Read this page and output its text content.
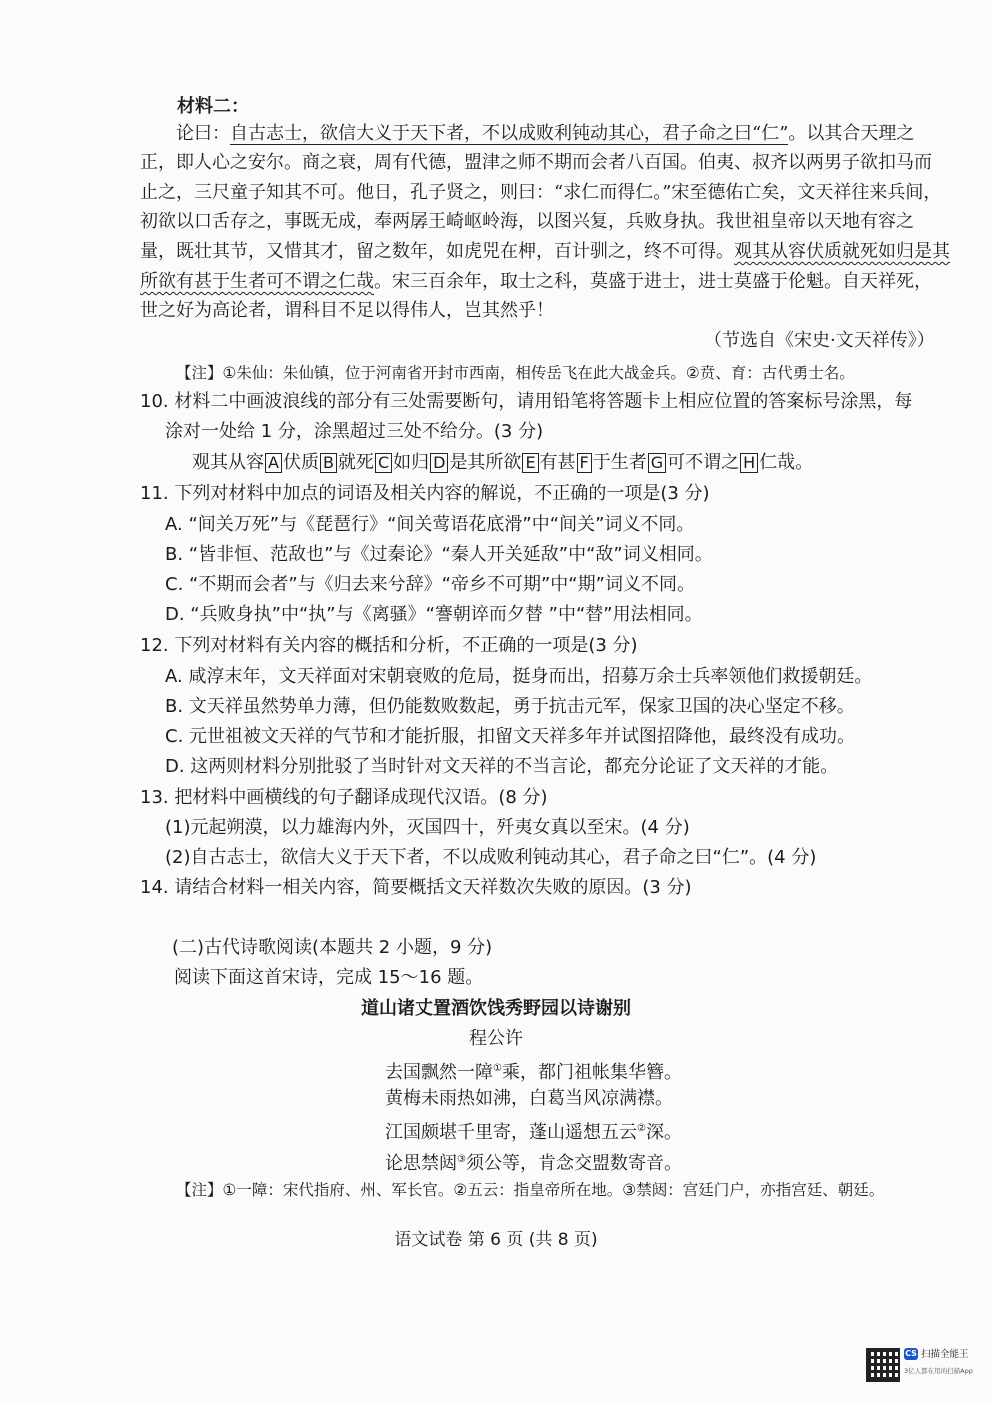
材料二：
论曰：自古志士，欲信大义于天下者，不以成败利钝动其心，君子命之曰“仁”。以其合天理之
正，即人心之安尔。商之衰，周有代德，盟津之师不期而会者八百国。伯夷、叔齐以两男子欲扣马而
止之，三尺童子知其不可。他日，孔子贤之，则曰：“求仁而得仁。”宋至德佑亡矣，文天祥往来兵间，
初欲以口舌存之，事既无成，奉两孱王崎岖岭海，以图兴复，兵败身执。我世祖皇帝以天地有容之
量，既壮其节，又惜其才，留之数年，如虎兕在柙，百计驯之，终不可得。观其从容伏质就死如归是其
所欲有甚于生者可不谓之仁哉。宋三百余年，取士之科，莫盛于进士，进士莫盛于伦魁。自天祥死，
世之好为高论者，谓科目不足以得伟人，岂其然乎！
（节选自《宋史·文天祥传》）
【注】①朱仙：朱仙镇，位于河南省开封市西南，相传岳飞在此大战金兵。②贲、育：古代勇士名。
10. 材料二中画波浪线的部分有三处需要断句，请用铅笔将答题卡上相应位置的答案标号涂黑，每
涂对一处给 1 分，涂黑超过三处不给分。(3 分)
观其从容 A 伏质 B 就死 C 如归 D 是其所欲 E 有甚 F 于生者 G 可不谓之 H 仁哉。
11. 下列对材料中加点的词语及相关内容的解说，不正确的一项是(3 分)
A. “间关万死”与《琵琶行》“间关莺语花底滑”中“间关”词义不同。
B. “皆非恒、范敌也”与《过秦论》“秦人开关延敌”中“敌”词义相同。
C. “不期而会者”与《归去来兮辞》“帝乡不可期”中“期”词义不同。
D. “兵败身执”中“执”与《离骚》“謇朝谇而夕替 ”中“替”用法相同。
12. 下列对材料有关内容的概括和分析，不正确的一项是(3 分)
A. 咸淳末年，文天祥面对宋朝衰败的危局，挺身而出，招募万余士兵率领他们救援朝廷。
B. 文天祥虽然势单力薄，但仍能数败数起，勇于抗击元军，保家卫国的决心坚定不移。
C. 元世祖被文天祥的气节和才能折服，扣留文天祥多年并试图招降他，最终没有成功。
D. 这两则材料分别批驳了当时针对文天祥的不当言论，都充分论证了文天祥的才能。
13. 把材料中画横线的句子翻译成现代汉语。(8 分)
(1)元起朔漠，以力雄海内外，灭国四十，歼夷女真以至宋。(4 分)
(2)自古志士，欲信大义于天下者，不以成败利钝动其心，君子命之曰“仁”。(4 分)
14. 请结合材料一相关内容，简要概括文天祥数次失败的原因。(3 分)
(二)古代诗歌阅读(本题共 2 小题，9 分)
阅读下面这首宋诗，完成 15～16 题。
道山诸丈置酒饮饯秀野园以诗谢别
程公许
去国飘然一障①乘，都门祖帐集华簪。
黄梅未雨热如沸，白葛当风凉满襟。
江国颇堪千里寄，蓬山遥想五云②深。
论思禁闼③须公等，肯念交盟数寄音。
【注】①一障：宋代指府、州、军长官。②五云：指皇帝所在地。③禁闼：宫廷门户，亦指宫廷、朝廷。
语文试卷 第 6 页 (共 8 页)
CS 扫描全能王
3亿人都在用的扫描App
